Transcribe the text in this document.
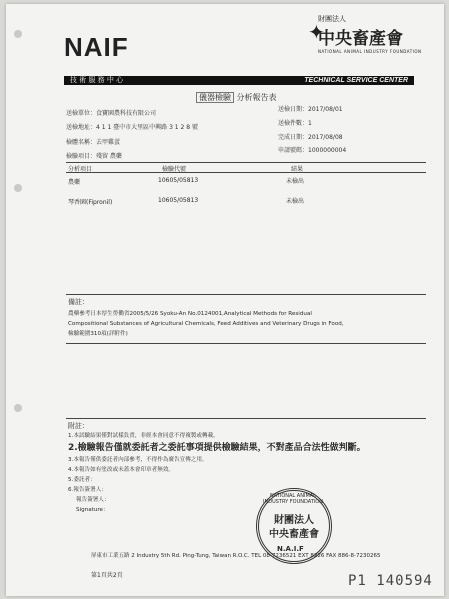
NAIF	✦
財團法人
中央畜產會
NATIONAL ANIMAL INDUSTRY FOUNDATION
技 術 服 務 中 心	TECHNICAL SERVICE CENTER
儀器檢驗 分析報告表
送檢單位：食寶園農科技有限公司
送檢地址：4 1 1 臺中市大里區中興路 3 1 2 8 號
檢體名稱：去甲雞蛋
檢驗項目：殘留 農藥
送檢日期：2017/08/01
送檢件數：1
完成日期：2017/08/08
申請號碼：1000000004
分析項目	檢驗代號	結果
農藥	10605/05813	未檢出
琴香園(Fipronil)	10605/05813	未檢出
備註：
農藥參考日本厚生勞働省2005/5/26 Syoku-An No.0124001,Analytical Methods for Residual
Compositional Substances of Agricultural Chemicals, Feed Additives and Veterinary Drugs in Food，
檢驗範圍310項(詳附件)
附註：
1.本試驗結果僅對試樣負責，非經本會同意不得複製或轉載。
2.檢驗報告僅就委託者之委託事項提供檢驗結果，不對產品合法性做判斷。
3.本報告僅供委託者內部參考，不得作為廣告宣傳之用。
4.本報告如有塗改或未蓋本會印章者無效。
5.委託者：
6.報告簽署人：
報告簽署人：
Signature：
NATIONAL ANIMAL INDUSTRY FOUNDATION
財團法人
中央畜產會
N.A.I.F
屏東市工業五路 2 Industry 5th Rd. Ping-Tung, Taiwan R.O.C. TEL 08-7236521 EXT 8226 FAX 886-8-7230265
第1頁共2頁	P1 140594
